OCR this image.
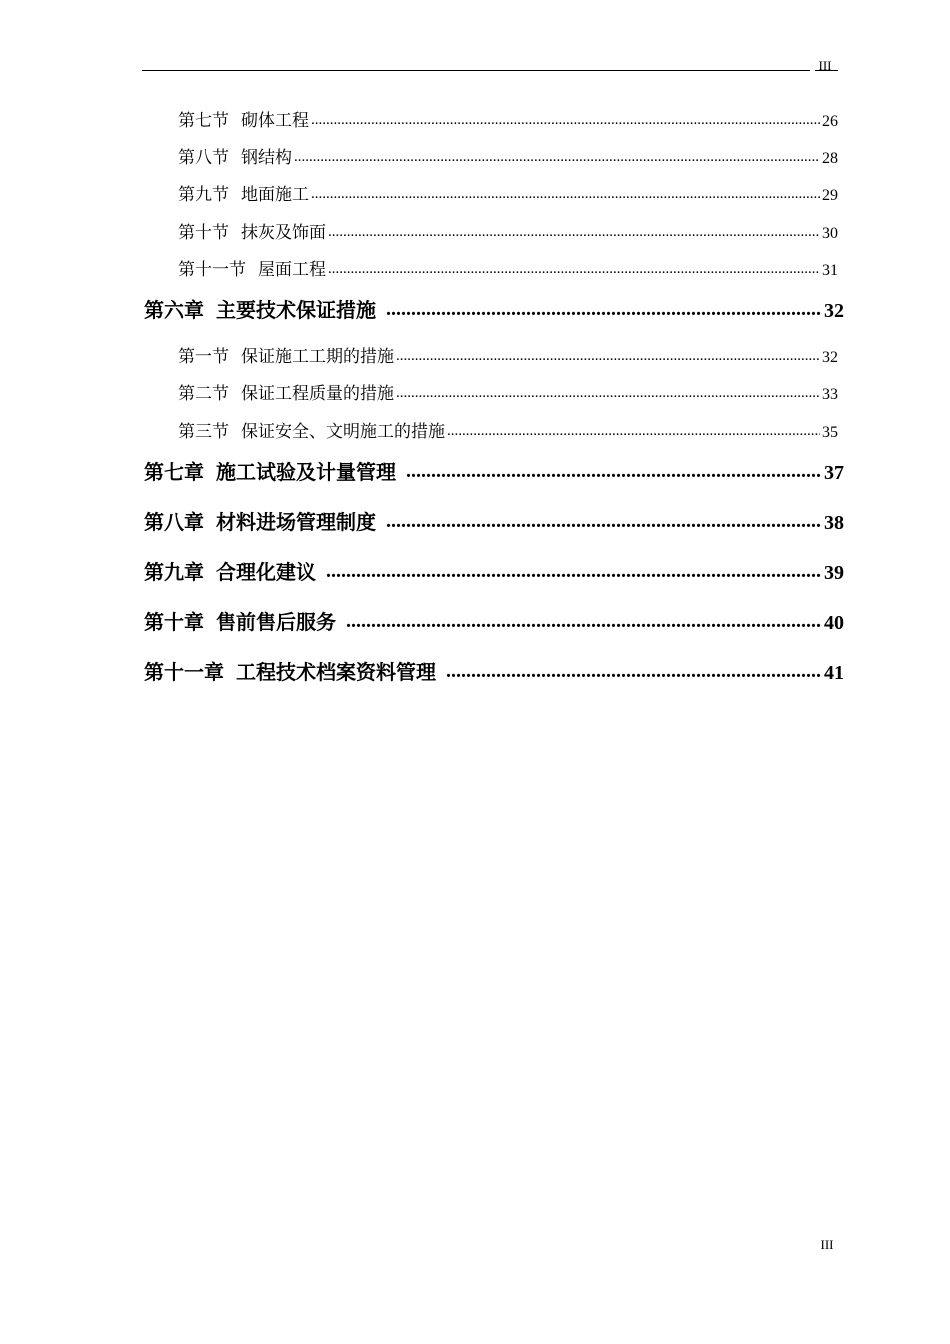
III
第七节 砌体工程 .....	26
第八节 钢结构 .....	28
第九节 地面施工 .....	29
第十节 抹灰及饰面 .....	30
第十一节 屋面工程 .....	31
第六章 主要技术保证措施 .....	32
第一节 保证施工工期的措施 .....	32
第二节 保证工程质量的措施 .....	33
第三节 保证安全、文明施工的措施 .....	35
第七章 施工试验及计量管理 .....	37
第八章 材料进场管理制度 .....	38
第九章 合理化建议 .....	39
第十章 售前售后服务 .....	40
第十一章 工程技术档案资料管理 .....	41
III
